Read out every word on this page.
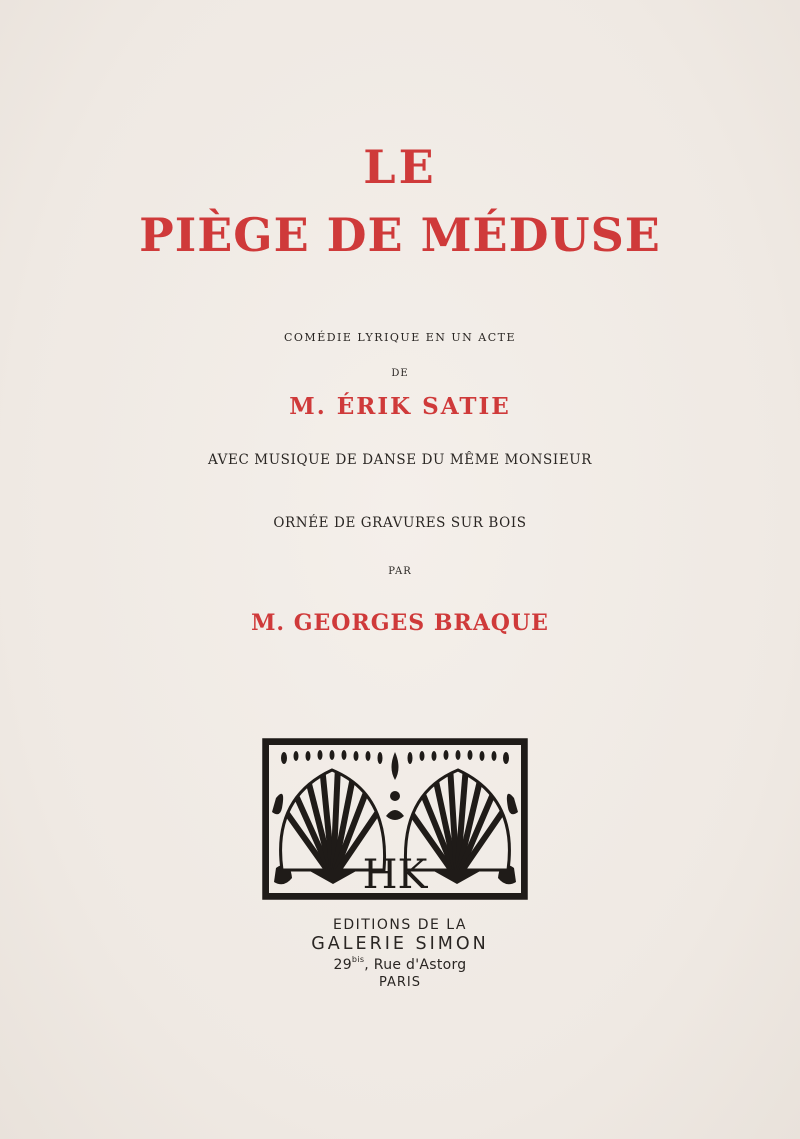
LE
PIÈGE DE MÉDUSE
COMÉDIE LYRIQUE EN UN ACTE
DE
M. ÉRIK SATIE
AVEC MUSIQUE DE DANSE DU MÊME MONSIEUR
ORNÉE DE GRAVURES SUR BOIS
PAR
M. GEORGES BRAQUE
HK
EDITIONS DE LA
GALERIE SIMON
$29^{bis}$, Rue d'Astorg
PARIS
